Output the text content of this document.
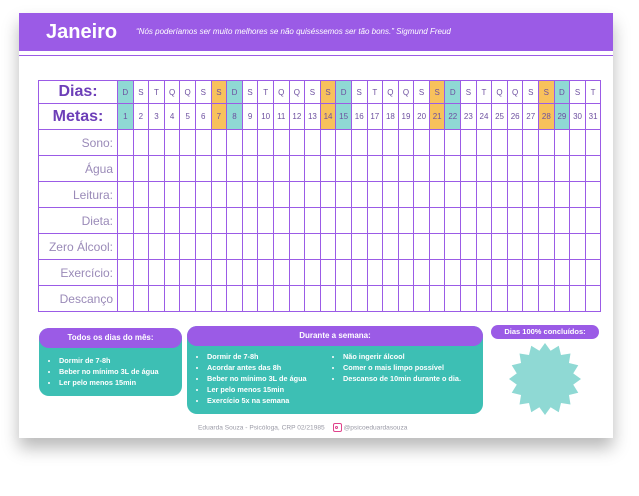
Janeiro “Nós poderíamos ser muito melhores se não quiséssemos ser tão bons.” Sigmund Freud
Dias:	D	S	T	Q	Q	S	S	D	S	T	Q	Q	S	S	D	S	T	Q	Q	S	S	D	S	T	Q	Q	S	S	D	S	T
Metas:	1	2	3	4	5	6	7	8	9	10	11	12	13	14	15	16	17	18	19	20	21	22	23	24	25	26	27	28	29	30	31
Sono:																															
Água																															
Leitura:																															
Dieta:																															
Zero Álcool:																															
Exercício:																															
Descanço																															
Todos os dias do mês:
• Dormir de 7-8h
• Beber no mínimo 3L de água
• Ler pelo menos 15min
Durante a semana:
• Dormir de 7-8h
• Acordar antes das 8h
• Beber no mínimo 3L de água
• Ler pelo menos 15min
• Exercício 5x na semana
• Não ingerir álcool
• Comer o mais limpo possível
• Descanso de 10min durante o dia.
Dias 100% concluídos:
Eduarda Souza - Psicóloga, CRP 02/21985	@psicoeduardasouza
